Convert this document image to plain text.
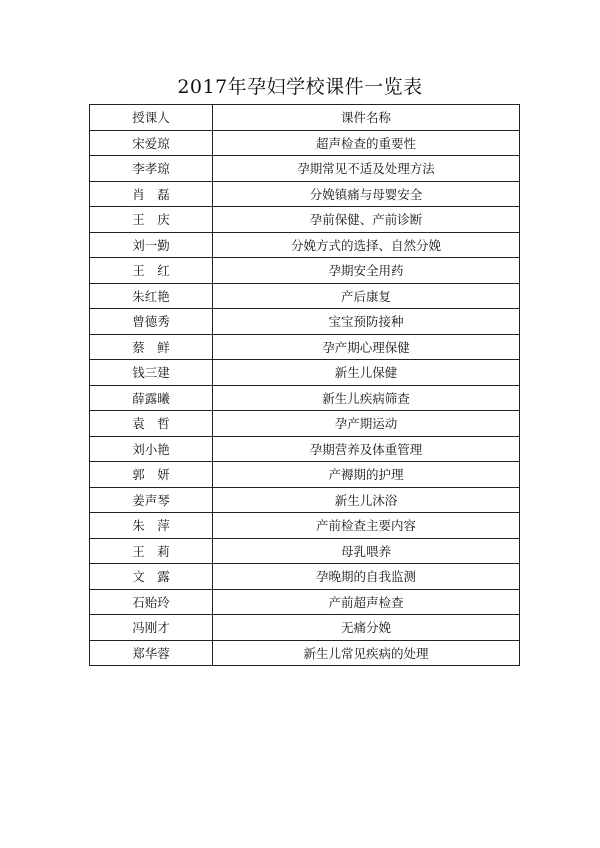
2017年孕妇学校课件一览表
授课人	课件名称
宋爱琼	超声检查的重要性
李孝琼	孕期常见不适及处理方法
肖　磊	分娩镇痛与母婴安全
王　庆	孕前保健、产前诊断
刘一勤	分娩方式的选择、自然分娩
王　红	孕期安全用药
朱红艳	产后康复
曾德秀	宝宝预防接种
蔡　鲜	孕产期心理保健
钱三建	新生儿保健
薛露曦	新生儿疾病筛查
袁　哲	孕产期运动
刘小艳	孕期营养及体重管理
郭　妍	产褥期的护理
姜声琴	新生儿沐浴
朱　萍	产前检查主要内容
王　莉	母乳喂养
文　露	孕晚期的自我监测
石贻玲	产前超声检查
冯刚才	无痛分娩
郑华蓉	新生儿常见疾病的处理
